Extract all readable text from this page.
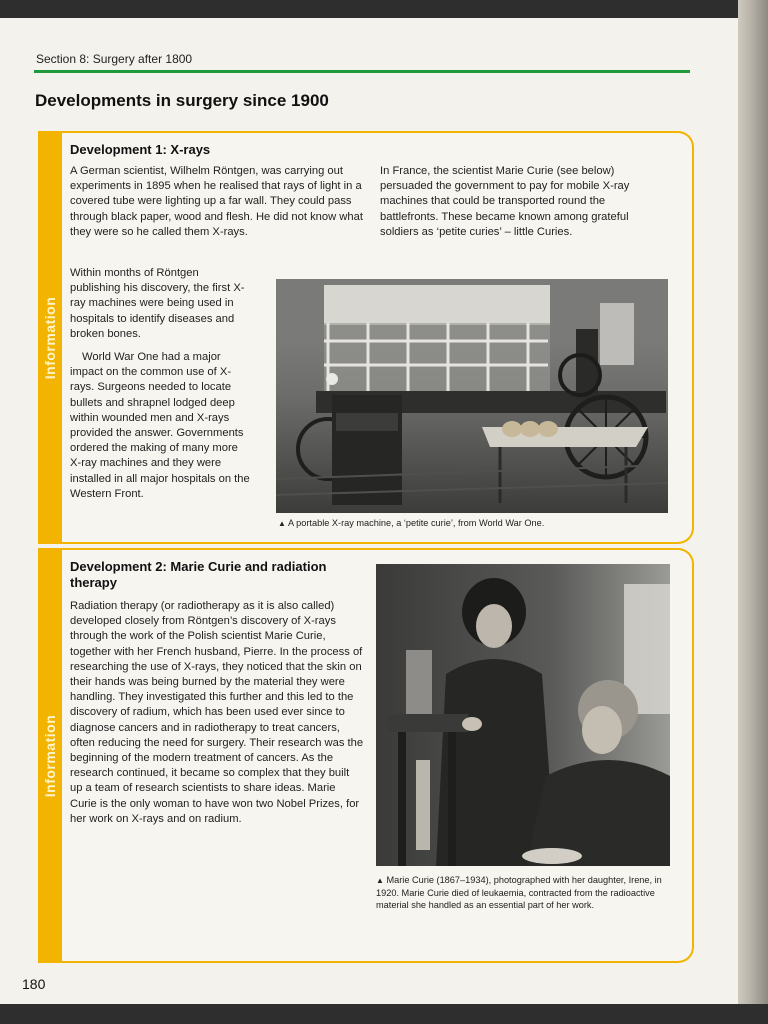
Section 8: Surgery after 1800
Developments in surgery since 1900
Information
Development 1: X-rays

A German scientist, Wilhelm Röntgen, was carrying out experiments in 1895 when he realised that rays of light in a covered tube were lighting up a far wall. They could pass through black paper, wood and flesh. He did not know what they were so he called them X-rays.

Within months of Röntgen publishing his discovery, the first X-ray machines were being used in hospitals to identify diseases and broken bones.

World War One had a major impact on the common use of X-rays. Surgeons needed to locate bullets and shrapnel lodged deep within wounded men and X-rays provided the answer. Governments ordered the making of many more X-ray machines and they were installed in all major hospitals on the Western Front.

In France, the scientist Marie Curie (see below) persuaded the government to pay for mobile X-ray machines that could be transported round the battlefronts. These became known among grateful soldiers as ‘petite curies’ – little Curies.

▲ A portable X-ray machine, a ‘petite curie’, from World War One.
Information
Development 2: Marie Curie and radiation therapy

Radiation therapy (or radiotherapy as it is also called) developed closely from Röntgen’s discovery of X-rays through the work of the Polish scientist Marie Curie, together with her French husband, Pierre. In the process of researching the use of X-rays, they noticed that the skin on their hands was being burned by the material they were handling. They investigated this further and this led to the discovery of radium, which has been used ever since to diagnose cancers and in radiotherapy to treat cancers, often reducing the need for surgery. Their research was the beginning of the modern treatment of cancers. As the research continued, it became so complex that they built up a team of research scientists to share ideas. Marie Curie is the only woman to have won two Nobel Prizes, for her work on X-rays and on radium.

▲ Marie Curie (1867–1934), photographed with her daughter, Irene, in 1920. Marie Curie died of leukaemia, contracted from the radioactive material she handled as an essential part of her work.
180
